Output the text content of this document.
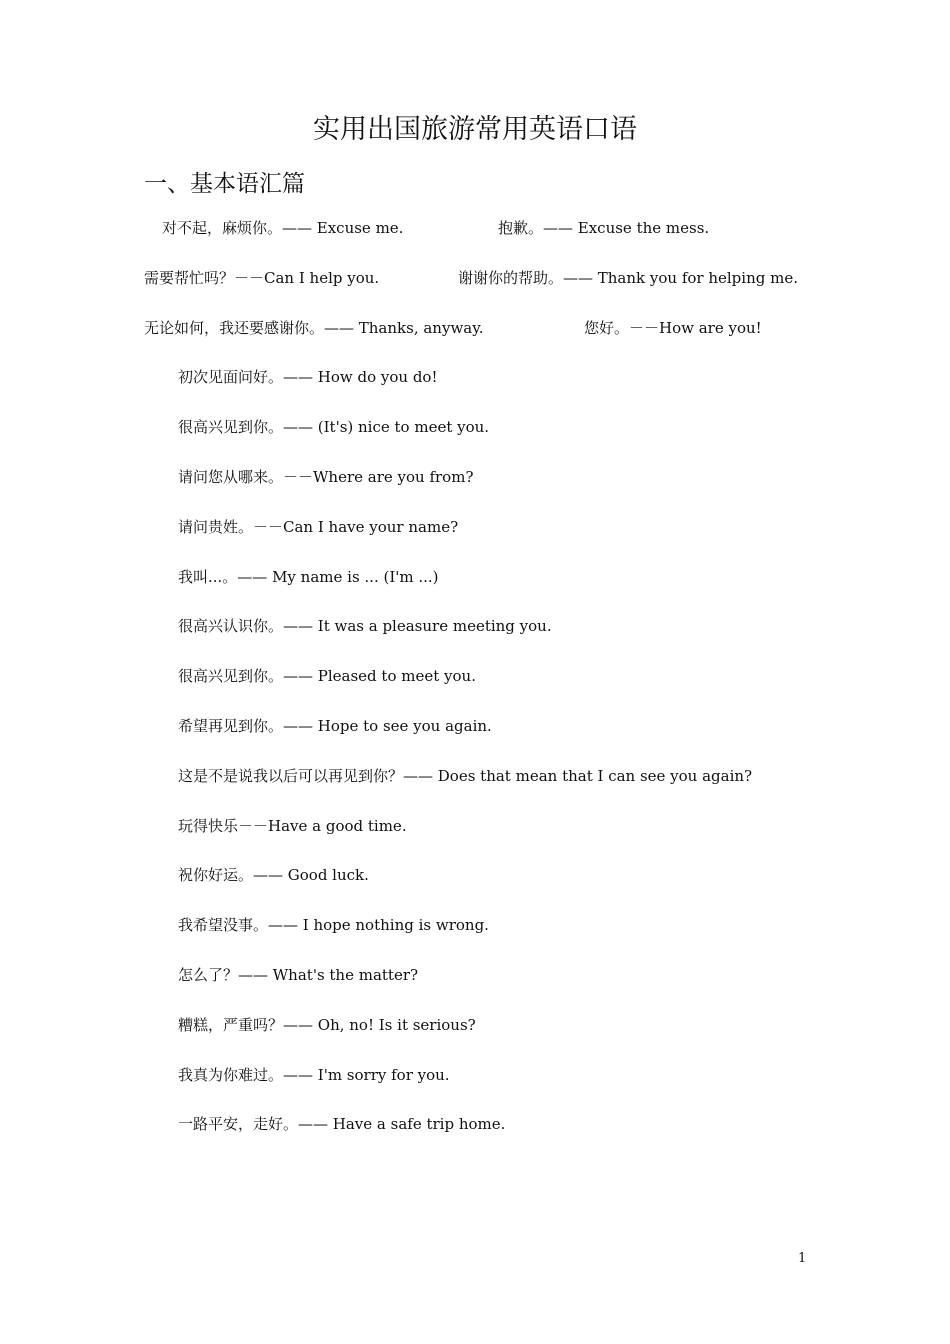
实用出国旅游常用英语口语
一、基本语汇篇
对不起，麻烦你。—— Excuse me.	抱歉。—— Excuse the mess.
需要帮忙吗？－－Can I help you.	谢谢你的帮助。—— Thank you for helping me.
无论如何，我还要感谢你。—— Thanks, anyway.	您好。－－How are you!
初次见面问好。—— How do you do!
很高兴见到你。—— (It's) nice to meet you.
请问您从哪来。－－Where are you from?
请问贵姓。－－Can I have your name?
我叫...。—— My name is ... (I'm ...)
很高兴认识你。—— It was a pleasure meeting you.
很高兴见到你。—— Pleased to meet you.
希望再见到你。—— Hope to see you again.
这是不是说我以后可以再见到你？—— Does that mean that I can see you again?
玩得快乐－－Have a good time.
祝你好运。—— Good luck.
我希望没事。—— I hope nothing is wrong.
怎么了？—— What's the matter?
糟糕，严重吗？—— Oh, no! Is it serious?
我真为你难过。—— I'm sorry for you.
一路平安，走好。—— Have a safe trip home.
1
